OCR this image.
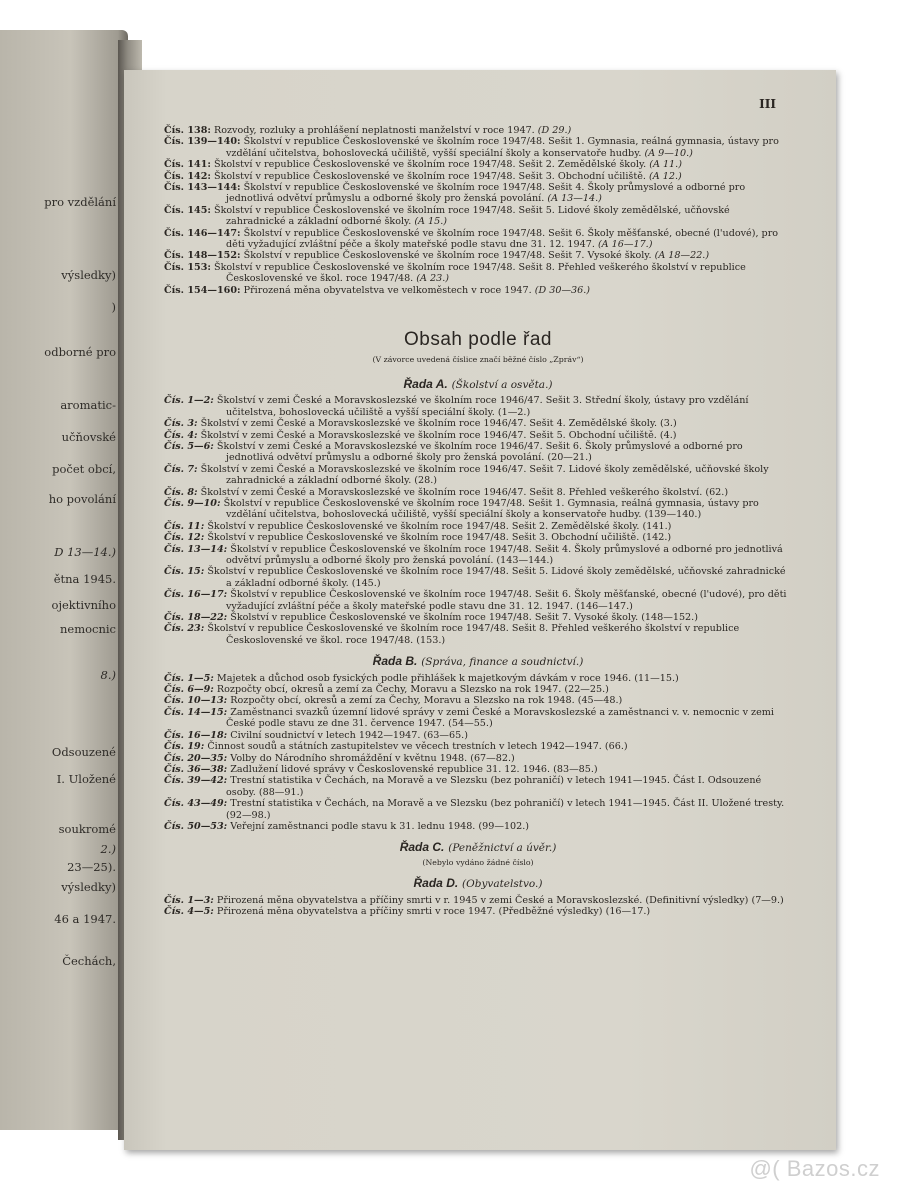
pro vzdělání
výsledky)
)
odborné pro
aromatic-
učňovské
počet obcí,
ho povolání
D 13—14.)
ětna 1945.
ojektivního
nemocnic
8.)
Odsouzené
I. Uložené
soukromé
2.)
23—25).
výsledky)
46 a 1947.
Čechách,
III

Čís. 138: Rozvody, rozluky a prohlášení neplatnosti manželství v roce 1947. (D 29.)

Čís. 139—140: Školství v republice Československé ve školním roce 1947/48. Sešit 1. Gymnasia, reálná gymnasia, ústavy pro vzdělání učitelstva, bohoslovecká učiliště, vyšší speciální školy a konservatoře hudby. (A 9—10.)

Čís. 141: Školství v republice Československé ve školním roce 1947/48. Sešit 2. Zemědělské školy. (A 11.)

Čís. 142: Školství v republice Československé ve školním roce 1947/48. Sešit 3. Obchodní učiliště. (A 12.)

Čís. 143—144: Školství v republice Československé ve školním roce 1947/48. Sešit 4. Školy průmyslové a odborné pro jednotlivá odvětví průmyslu a odborné školy pro ženská povolání. (A 13—14.)

Čís. 145: Školství v republice Československé ve školním roce 1947/48. Sešit 5. Lidové školy zemědělské, učňovské zahradnické a základní odborné školy. (A 15.)

Čís. 146—147: Školství v republice Československé ve školním roce 1947/48. Sešit 6. Školy měšťanské, obecné (l'udové), pro děti vyžadující zvláštní péče a školy mateřské podle stavu dne 31. 12. 1947. (A 16—17.)

Čís. 148—152: Školství v republice Československé ve školním roce 1947/48. Sešit 7. Vysoké školy. (A 18—22.)

Čís. 153: Školství v republice Československé ve školním roce 1947/48. Sešit 8. Přehled veškerého školství v republice Československé ve škol. roce 1947/48. (A 23.)

Čís. 154—160: Přirozená měna obyvatelstva ve velkoměstech v roce 1947. (D 30—36.)

Obsah podle řad
(V závorce uvedená číslice značí běžné číslo „Zpráv“)
Řada A. (Školství a osvěta.)

Čís. 1—2: Školství v zemi České a Moravskoslezské ve školním roce 1946/47. Sešit 3. Střední školy, ústavy pro vzdělání učitelstva, bohoslovecká učiliště a vyšší speciální školy. (1—2.)

Čís. 3: Školství v zemi České a Moravskoslezské ve školním roce 1946/47. Sešit 4. Zemědělské školy. (3.)

Čís. 4: Školství v zemi České a Moravskoslezské ve školním roce 1946/47. Sešit 5. Obchodní učiliště. (4.)

Čís. 5—6: Školství v zemi České a Moravskoslezské ve školním roce 1946/47. Sešit 6. Školy průmyslové a odborné pro jednotlivá odvětví průmyslu a odborné školy pro ženská povolání. (20—21.)

Čís. 7: Školství v zemi České a Moravskoslezské ve školním roce 1946/47. Sešit 7. Lidové školy zemědělské, učňovské školy zahradnické a základní odborné školy. (28.)

Čís. 8: Školství v zemi České a Moravskoslezské ve školním roce 1946/47. Sešit 8. Přehled veškerého školství. (62.)

Čís. 9—10: Školství v republice Československé ve školním roce 1947/48. Sešit 1. Gymnasia, reálná gymnasia, ústavy pro vzdělání učitelstva, bohoslovecká učiliště, vyšší speciální školy a konservatoře hudby. (139—140.)

Čís. 11: Školství v republice Československé ve školním roce 1947/48. Sešit 2. Zemědělské školy. (141.)

Čís. 12: Školství v republice Československé ve školním roce 1947/48. Sešit 3. Obchodní učiliště. (142.)

Čís. 13—14: Školství v republice Československé ve školním roce 1947/48. Sešit 4. Školy průmyslové a odborné pro jednotlivá odvětví průmyslu a odborné školy pro ženská povolání. (143—144.)

Čís. 15: Školství v republice Československé ve školním roce 1947/48. Sešit 5. Lidové školy zemědělské, učňovské zahradnické a základní odborné školy. (145.)

Čís. 16—17: Školství v republice Československé ve školním roce 1947/48. Sešit 6. Školy měšťanské, obecné (l'udové), pro děti vyžadující zvláštní péče a školy mateřské podle stavu dne 31. 12. 1947. (146—147.)

Čís. 18—22: Školství v republice Československé ve školním roce 1947/48. Sešit 7. Vysoké školy. (148—152.)

Čís. 23: Školství v republice Československé ve školním roce 1947/48. Sešit 8. Přehled veškerého školství v republice Československé ve škol. roce 1947/48. (153.)

Řada B. (Správa, finance a soudnictví.)

Čís. 1—5: Majetek a důchod osob fysických podle přihlášek k majetkovým dávkám v roce 1946. (11—15.)

Čís. 6—9: Rozpočty obcí, okresů a zemí za Čechy, Moravu a Slezsko na rok 1947. (22—25.)

Čís. 10—13: Rozpočty obcí, okresů a zemí za Čechy, Moravu a Slezsko na rok 1948. (45—48.)

Čís. 14—15: Zaměstnanci svazků územní lidové správy v zemi České a Moravskoslezské a zaměstnanci v. v. nemocnic v zemi České podle stavu ze dne 31. července 1947. (54—55.)

Čís. 16—18: Civilní soudnictví v letech 1942—1947. (63—65.)

Čís. 19: Činnost soudů a státních zastupitelstev ve věcech trestních v letech 1942—1947. (66.)

Čís. 20—35: Volby do Národního shromáždění v květnu 1948. (67—82.)

Čís. 36—38: Zadlužení lidové správy v Československé republice 31. 12. 1946. (83—85.)

Čís. 39—42: Trestní statistika v Čechách, na Moravě a ve Slezsku (bez pohraničí) v letech 1941—1945. Část I. Odsouzené osoby. (88—91.)

Čís. 43—49: Trestní statistika v Čechách, na Moravě a ve Slezsku (bez pohraničí) v letech 1941—1945. Část II. Uložené tresty. (92—98.)

Čís. 50—53: Veřejní zaměstnanci podle stavu k 31. lednu 1948. (99—102.)

Řada C. (Peněžnictví a úvěr.)
(Nebylo vydáno žádné číslo)
Řada D. (Obyvatelstvo.)

Čís. 1—3: Přirozená měna obyvatelstva a příčiny smrti v r. 1945 v zemi České a Moravskoslezské. (Definitivní výsledky) (7—9.)

Čís. 4—5: Přirozená měna obyvatelstva a příčiny smrti v roce 1947. (Předběžné výsledky) (16—17.)

@( Bazos.cz
